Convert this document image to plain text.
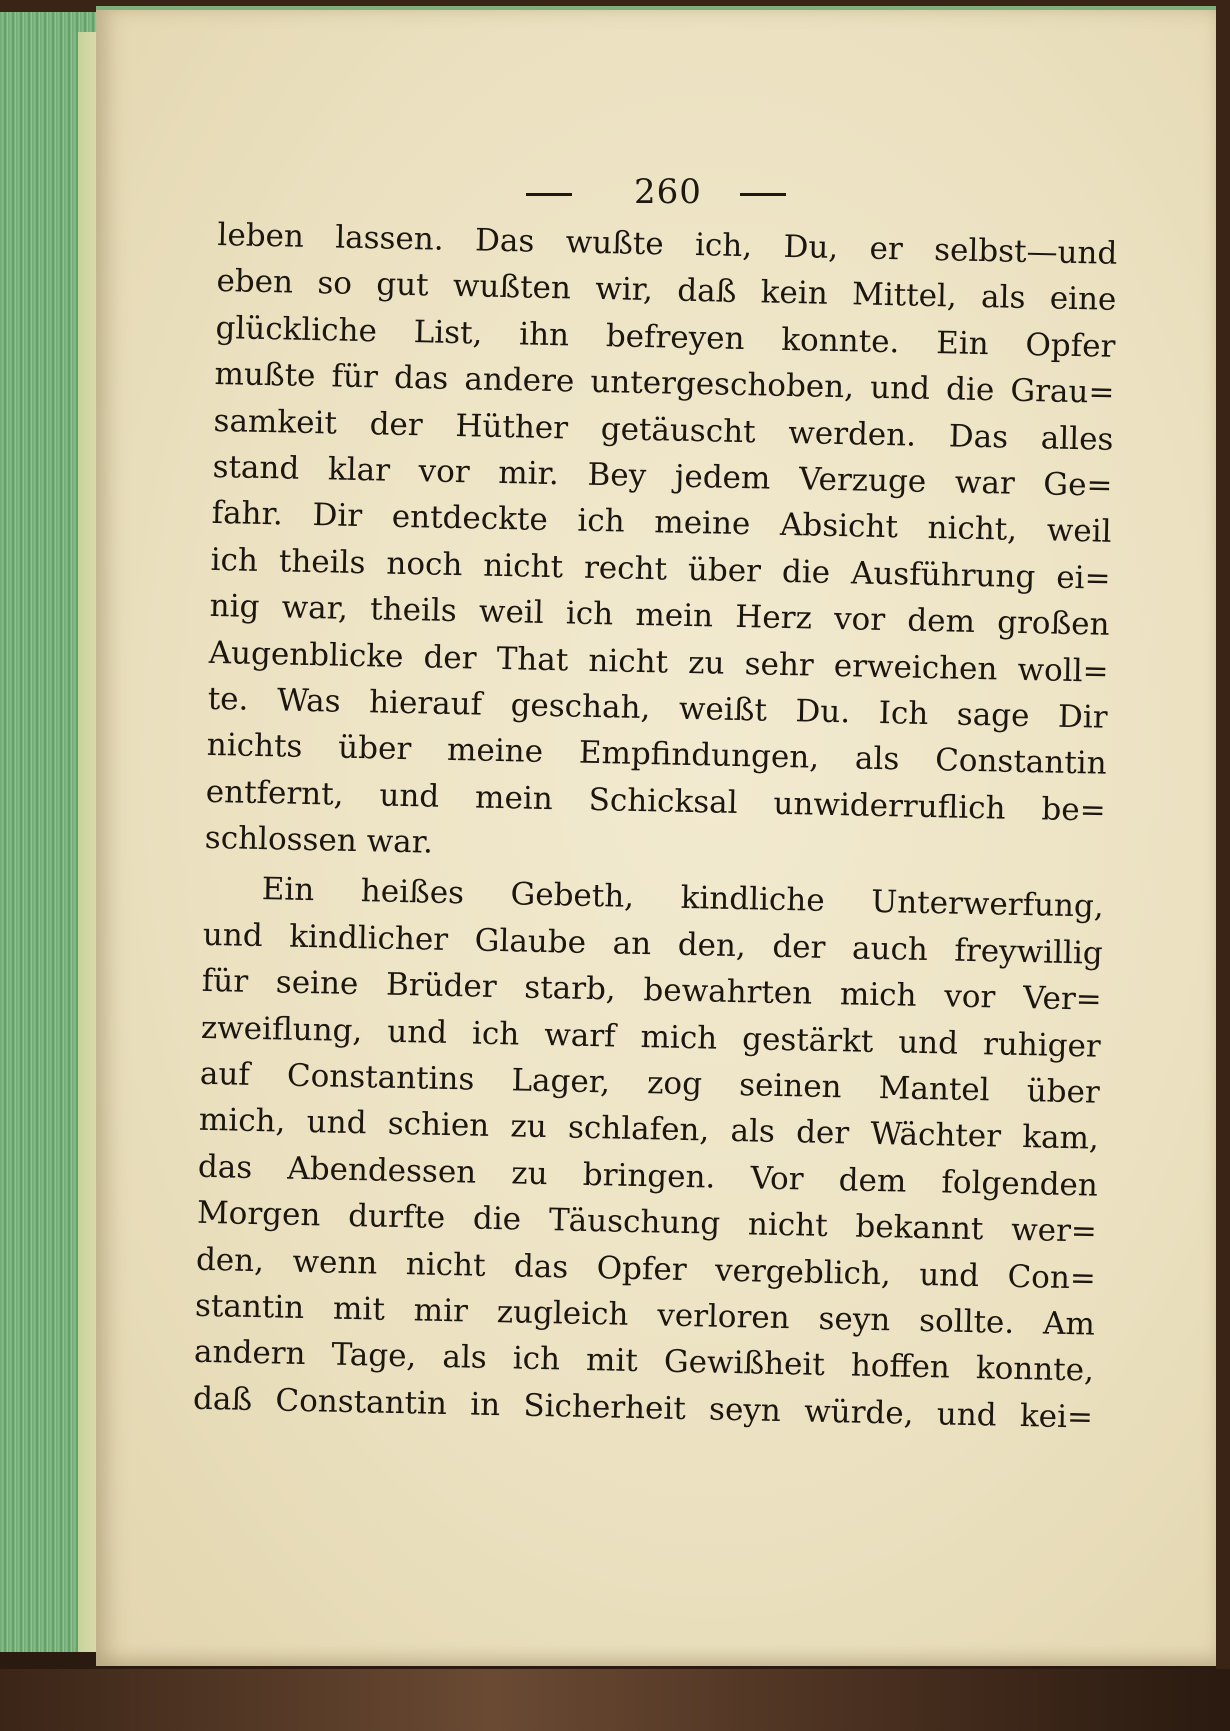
260
leben lassen. Das wußte ich, Du, er selbst—und
eben so gut wußten wir, daß kein Mittel, als eine
glückliche List, ihn befreyen konnte. Ein Opfer
mußte für das andere untergeschoben, und die Grau=
samkeit der Hüther getäuscht werden. Das alles
stand klar vor mir. Bey jedem Verzuge war Ge=
fahr. Dir entdeckte ich meine Absicht nicht, weil
ich theils noch nicht recht über die Ausführung ei=
nig war, theils weil ich mein Herz vor dem großen
Augenblicke der That nicht zu sehr erweichen woll=
te. Was hierauf geschah, weißt Du. Ich sage Dir
nichts über meine Empfindungen, als Constantin
entfernt, und mein Schicksal unwiderruflich be=
schlossen war.
Ein heißes Gebeth, kindliche Unterwerfung,
und kindlicher Glaube an den, der auch freywillig
für seine Brüder starb, bewahrten mich vor Ver=
zweiflung, und ich warf mich gestärkt und ruhiger
auf Constantins Lager, zog seinen Mantel über
mich, und schien zu schlafen, als der Wächter kam,
das Abendessen zu bringen. Vor dem folgenden
Morgen durfte die Täuschung nicht bekannt wer=
den, wenn nicht das Opfer vergeblich, und Con=
stantin mit mir zugleich verloren seyn sollte. Am
andern Tage, als ich mit Gewißheit hoffen konnte,
daß Constantin in Sicherheit seyn würde, und kei=
